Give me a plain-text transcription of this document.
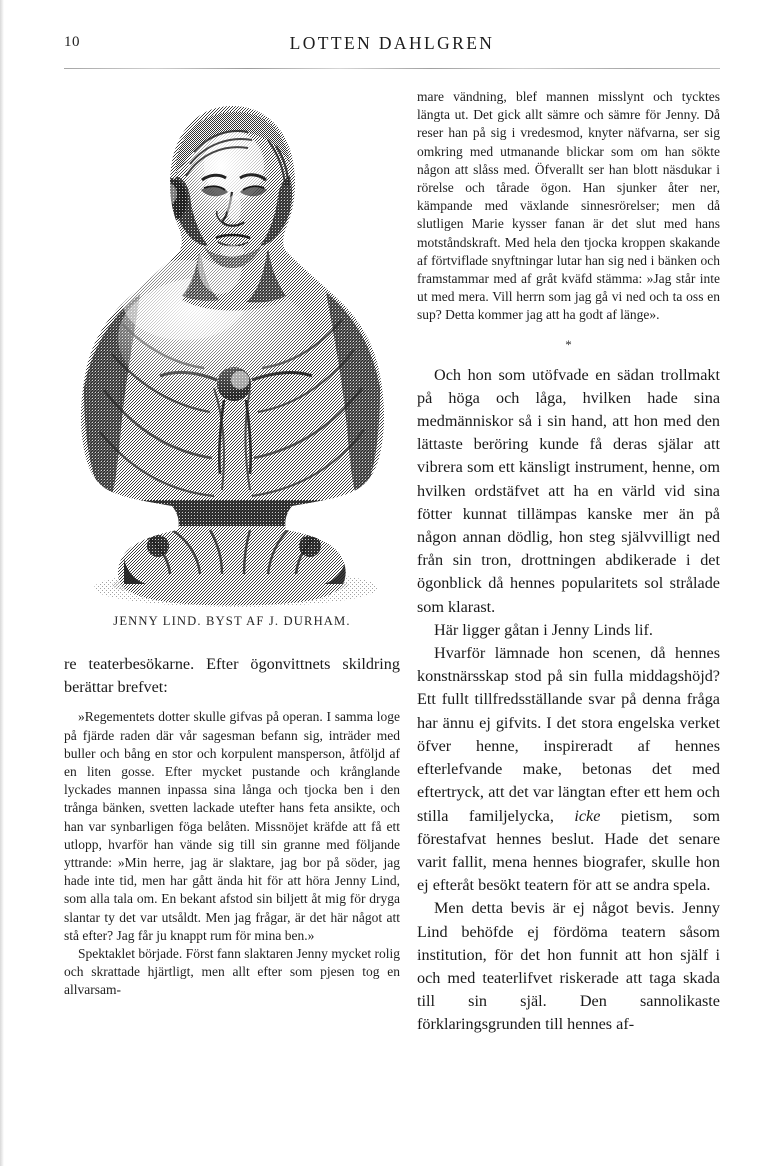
10	LOTTEN DAHLGREN
JENNY LIND. BYST AF J. DURHAM.

re teaterbesökarne. Efter ögonvittnets skildring berättar brefvet:

»Regementets dotter skulle gifvas på operan. I samma loge på fjärde raden där vår sagesman befann sig, inträder med buller och bång en stor och korpulent mansperson, åtföljd af en liten gosse. Efter mycket pustande och krånglande lyckades mannen inpassa sina långa och tjocka ben i den trånga bänken, svetten lackade utefter hans feta ansikte, och han var synbarligen föga belåten. Missnöjet kräfde att få ett utlopp, hvarför han vände sig till sin granne med följande yttrande: »Min herre, jag är slaktare, jag bor på söder, jag hade inte tid, men har gått ända hit för att höra Jenny Lind, som alla tala om. En bekant afstod sin biljett åt mig för dryga slantar ty det var utsåldt. Men jag frågar, är det här något att stå efter? Jag får ju knappt rum för mina ben.»

Spektaklet började. Först fann slaktaren Jenny mycket rolig och skrattade hjärtligt, men allt efter som pjesen tog en allvarsam-

mare vändning, blef mannen misslynt och tycktes längta ut. Det gick allt sämre och sämre för Jenny. Då reser han på sig i vredesmod, knyter näfvarna, ser sig omkring med utmanande blickar som om han sökte någon att slåss med. Öfverallt ser han blott näsdukar i rörelse och tårade ögon. Han sjunker åter ner, kämpande med växlande sinnesrörelser; men då slutligen Marie kysser fanan är det slut med hans motståndskraft. Med hela den tjocka kroppen skakande af förtviflade snyftningar lutar han sig ned i bänken och framstammar med af gråt kväfd stämma: »Jag står inte ut med mera. Vill herrn som jag gå vi ned och ta oss en sup? Detta kommer jag att ha godt af länge».

*

Och hon som utöfvade en sädan trollmakt på höga och låga, hvilken hade sina medmänniskor så i sin hand, att hon med den lättaste beröring kunde få deras själar att vibrera som ett känsligt instrument, henne, om hvilken ordstäfvet att ha en värld vid sina fötter kunnat tillämpas kanske mer än på någon annan dödlig, hon steg självvilligt ned från sin tron, drottningen abdikerade i det ögonblick då hennes popularitets sol strålade som klarast.

Här ligger gåtan i Jenny Linds lif.

Hvarför lämnade hon scenen, då hennes konstnärsskap stod på sin fulla middagshöjd? Ett fullt tillfredsställande svar på denna fråga har ännu ej gifvits. I det stora engelska verket öfver henne, inspireradt af hennes efterlefvande make, betonas det med eftertryck, att det var längtan efter ett hem och stilla familjelycka, icke pietism, som förestafvat hennes beslut. Hade det senare varit fallit, mena hennes biografer, skulle hon ej efteråt besökt teatern för att se andra spela.

Men detta bevis är ej något bevis. Jenny Lind behöfde ej fördöma teatern såsom institution, för det hon funnit att hon själf i och med teaterlifvet riskerade att taga skada till sin själ. Den sannolikaste förklaringsgrunden till hennes af-
